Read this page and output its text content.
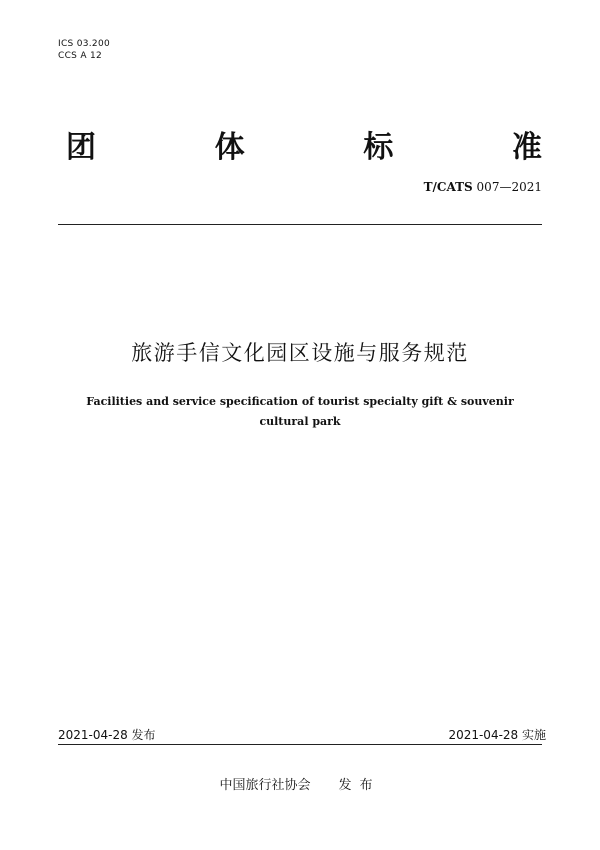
ICS 03.200
CCS A 12
团	体	标	准
T/CATS 007—2021
旅游手信文化园区设施与服务规范
Facilities and service specification of tourist specialty gift & souvenir
cultural park
2021-04-28 发布	2021-04-28 实施
中国旅行社协会 发布
